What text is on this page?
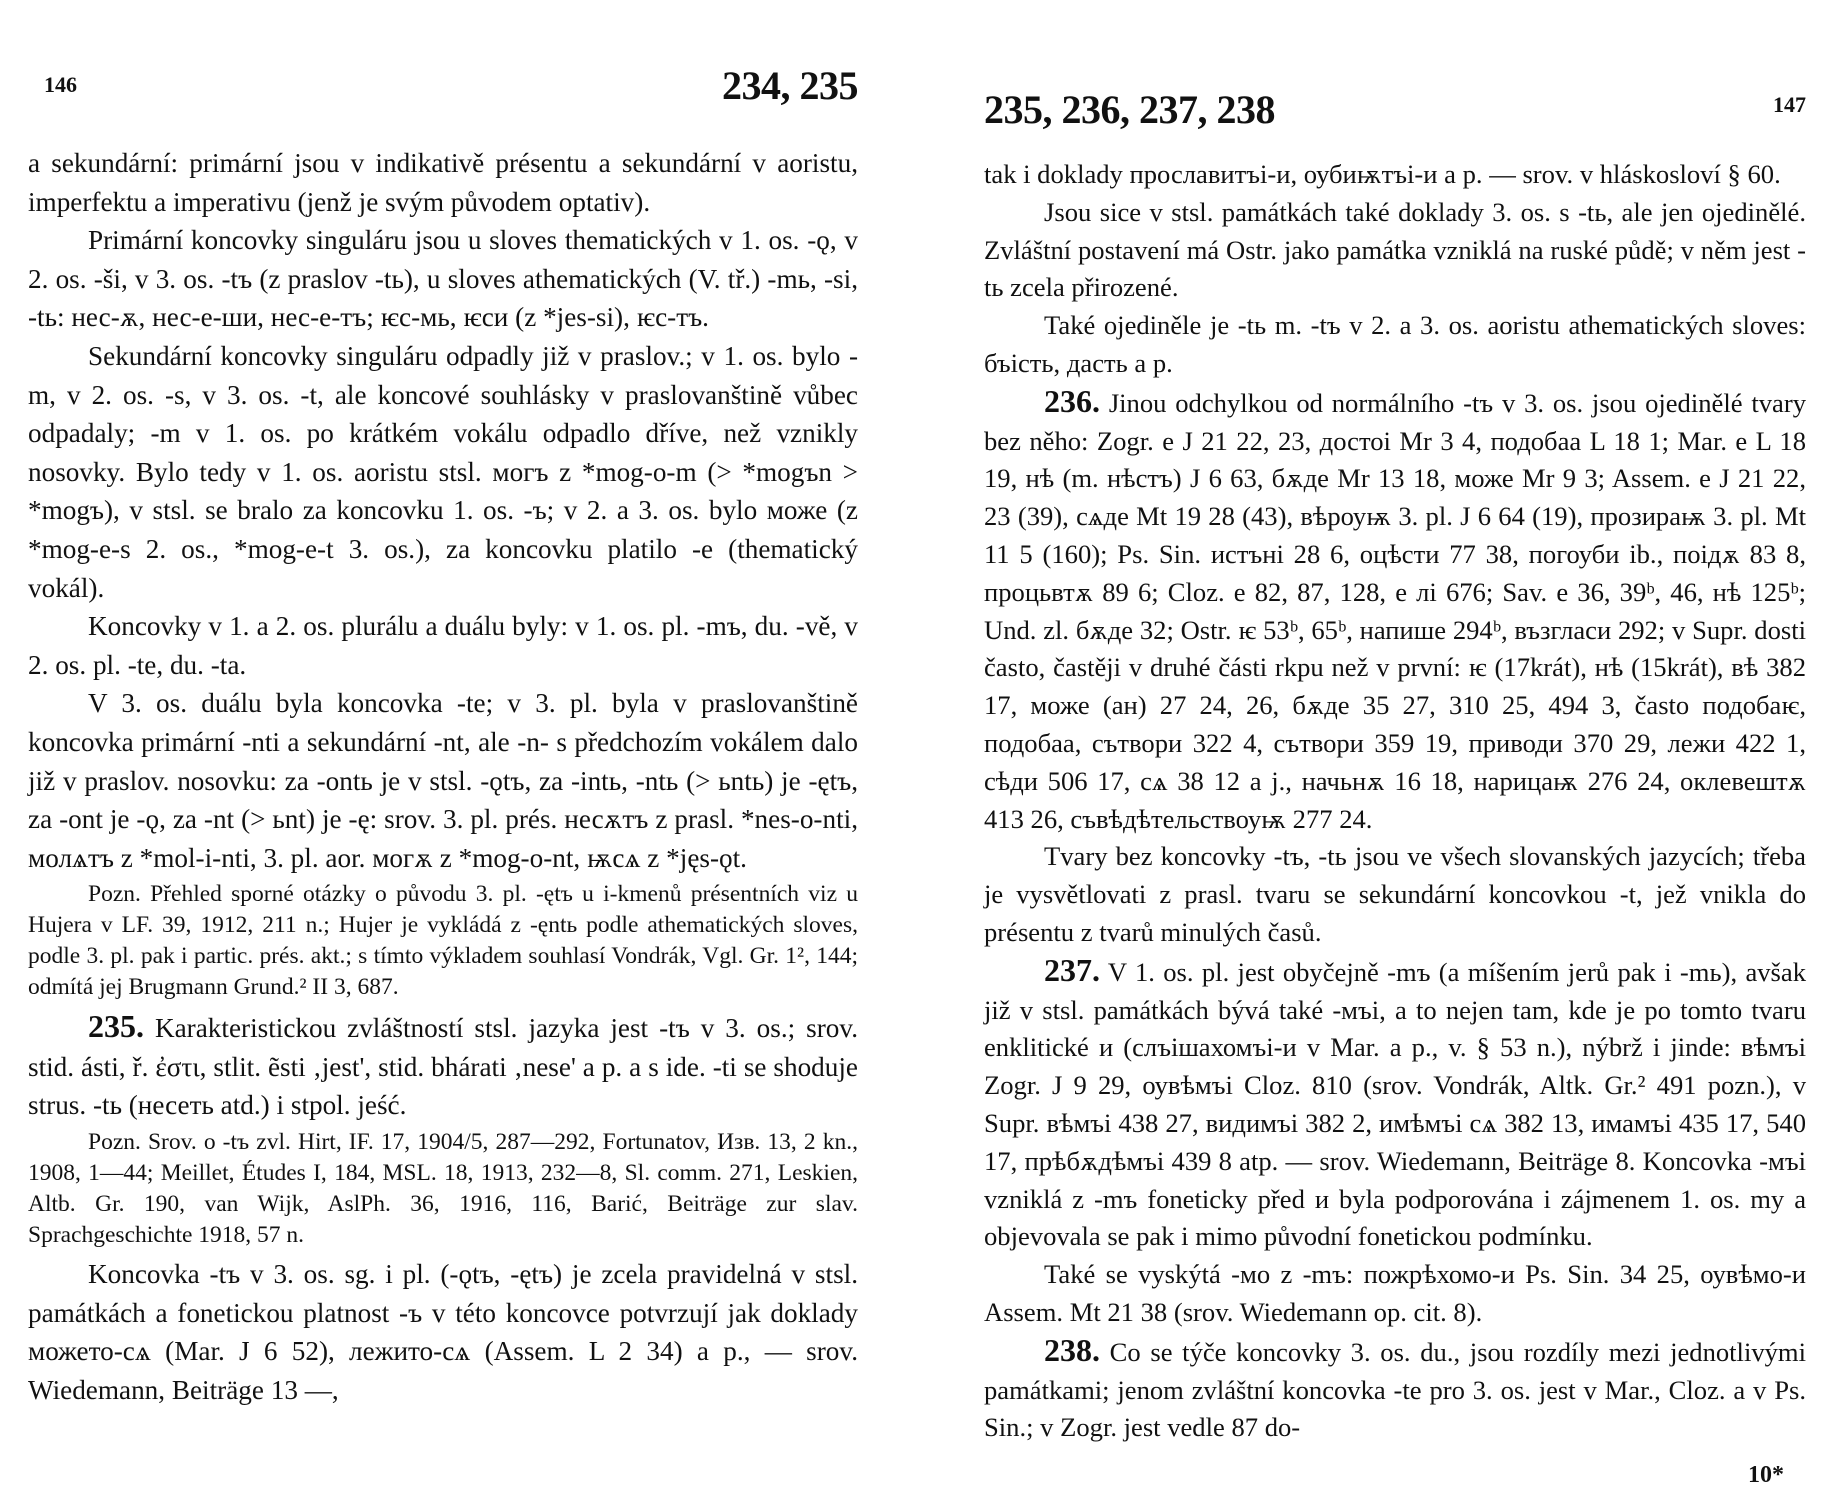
146	234, 235

a sekundární: primární jsou v indikativě présentu a sekundární v aoristu, imperfektu a imperativu (jenž je svým původem optativ).

Primární koncovky singuláru jsou u sloves thematických v 1. os. -ǫ, v 2. os. -ši, v 3. os. -tъ (z praslov -tь), u sloves athematických (V. tř.) -mь, -si, -tь: нес-ѫ, нес-е-ши, нес-е-тъ; ѥс-мь, ѥси (z *jes-si), ѥс-тъ.

Sekundární koncovky singuláru odpadly již v praslov.; v 1. os. bylo -m, v 2. os. -s, v 3. os. -t, ale koncové souhlásky v praslovanštině vůbec odpadaly; -m v 1. os. po krátkém vokálu odpadlo dříve, než vznikly nosovky. Bylo tedy v 1. os. aoristu stsl. могъ z *mog-o-m (> *mogъn > *mogъ), v stsl. se bralo za koncovku 1. os. -ъ; v 2. a 3. os. bylo може (z *mog-e-s 2. os., *mog-e-t 3. os.), za koncovku platilo -e (thematický vokál).

Koncovky v 1. a 2. os. plurálu a duálu byly: v 1. os. pl. -mъ, du. -vě, v 2. os. pl. -te, du. -ta.

V 3. os. duálu byla koncovka -te; v 3. pl. byla v praslovanštině koncovka primární -nti a sekundární -nt, ale -n- s předchozím vokálem dalo již v praslov. nosovku: za -ontь je v stsl. -ǫtъ, za -intь, -ntь (> ьntь) je -ętъ, za -ont je -ǫ, za -nt (> ьnt) je -ę: srov. 3. pl. prés. несѫтъ z prasl. *nes-o-nti, молѧтъ z *mol-i-nti, 3. pl. aor. могѫ z *mog-o-nt, ѭсѧ z *jęs-ǫt.

Pozn. Přehled sporné otázky o původu 3. pl. -ętъ u i-kmenů présentních viz u Hujera v LF. 39, 1912, 211 n.; Hujer je vykládá z -ęntь podle athematických sloves, podle 3. pl. pak i partic. prés. akt.; s tímto výkladem souhlasí Vondrák, Vgl. Gr. 1², 144; odmítá jej Brugmann Grund.² II 3, 687.

235. Karakteristickou zvláštností stsl. jazyka jest -tъ v 3. os.; srov. stid. ásti, ř. ἐστι, stlit. ẽsti ‚jest', stid. bhárati ‚nese' a p. a s ide. -ti se shoduje strus. -tь (несеть atd.) i stpol. jeść.

Pozn. Srov. o -tъ zvl. Hirt, IF. 17, 1904/5, 287—292, Fortunatov, Изв. 13, 2 kn., 1908, 1—44; Meillet, Études I, 184, MSL. 18, 1913, 232—8, Sl. comm. 271, Leskien, Altb. Gr. 190, van Wijk, AslPh. 36, 1916, 116, Barić, Beiträge zur slav. Sprachgeschichte 1918, 57 n.

Koncovka -tъ v 3. os. sg. i pl. (-ǫtъ, -ętъ) je zcela pravidelná v stsl. památkách a fonetickou platnost -ъ v této koncovce potvrzují jak doklady можето-сѧ (Mar. J 6 52), лежито-сѧ (Assem. L 2 34) a p., — srov. Wiedemann, Beiträge 13 —,

235, 236, 237, 238	147

tak i doklady прославитъі-и, оубиѭтъі-и a p. — srov. v hláskosloví § 60.

Jsou sice v stsl. památkách také doklady 3. os. s -tь, ale jen ojedinělé. Zvláštní postavení má Ostr. jako památka vzniklá na ruské půdě; v něm jest -tь zcela přirozené.

Také ojediněle je -tь m. -tъ v 2. a 3. os. aoristu athematických sloves: бъість, дасть a p.

236. Jinou odchylkou od normálního -tъ v 3. os. jsou ojedinělé tvary bez něho: Zogr. е J 21 22, 23, достоі Mr 3 4, подобаа L 18 1; Mar. е L 18 19, нѣ (m. нѣстъ) J 6 63, бѫде Mr 13 18, може Mr 9 3; Assem. е J 21 22, 23 (39), сѧде Mt 19 28 (43), вѣроуѭ 3. pl. J 6 64 (19), прозираѭ 3. pl. Mt 11 5 (160); Ps. Sin. истъні 28 6, оцѣсти 77 38, погоуби ib., поідѫ 83 8, процьвтѫ 89 6; Cloz. е 82, 87, 128, е лі 676; Sav. е 36, 39ᵇ, 46, нѣ 125ᵇ; Und. zl. бѫде 32; Ostr. ѥ 53ᵇ, 65ᵇ, напише 294ᵇ, възглаcи 292; v Supr. dosti často, častěji v druhé části rkpu než v první: ѥ (17krát), нѣ (15krát), вѣ 382 17, може (ан) 27 24, 26, бѫде 35 27, 310 25, 494 3, často подобаѥ, подобаа, сътвори 322 4, сътвори 359 19, приводи 370 29, лежи 422 1, сѣди 506 17, сѧ 38 12 a j., начьнѫ 16 18, нарицаѭ 276 24, оклевештѫ 413 26, съвѣдѣтельствоуѭ 277 24.

Tvary bez koncovky -tъ, -tь jsou ve všech slovanských jazycích; třeba je vysvětlovati z prasl. tvaru se sekundární koncovkou -t, jež vnikla do présentu z tvarů minulých časů.

237. V 1. os. pl. jest obyčejně -mъ (a míšením jerů pak i -mь), avšak již v stsl. památkách bývá také -мъі, a to nejen tam, kde je po tomto tvaru enklitické и (слъішахомъі-и v Mar. a p., v. § 53 n.), nýbrž i jinde: вѣмъі Zogr. J 9 29, оувѣмъі Cloz. 810 (srov. Vondrák, Altk. Gr.² 491 pozn.), v Supr. вѣмъі 438 27, видимъі 382 2, имѣмъі сѧ 382 13, имамъі 435 17, 540 17, прѣбѫдѣмъі 439 8 atp. — srov. Wiedemann, Beiträge 8. Koncovka -мъі vzniklá z -mъ foneticky před и byla podporována i zájmenem 1. os. my a objevovala se pak i mimo původní fonetickou podmínku.

Také se vyskýtá -мо z -mъ: пожрѣхомо-и Ps. Sin. 34 25, оувѣмо-и Assem. Mt 21 38 (srov. Wiedemann op. cit. 8).

238. Co se týče koncovky 3. os. du., jsou rozdíly mezi jednotlivými památkami; jenom zvláštní koncovka -te pro 3. os. jest v Mar., Cloz. a v Ps. Sin.; v Zogr. jest vedle 87 do-

10*
